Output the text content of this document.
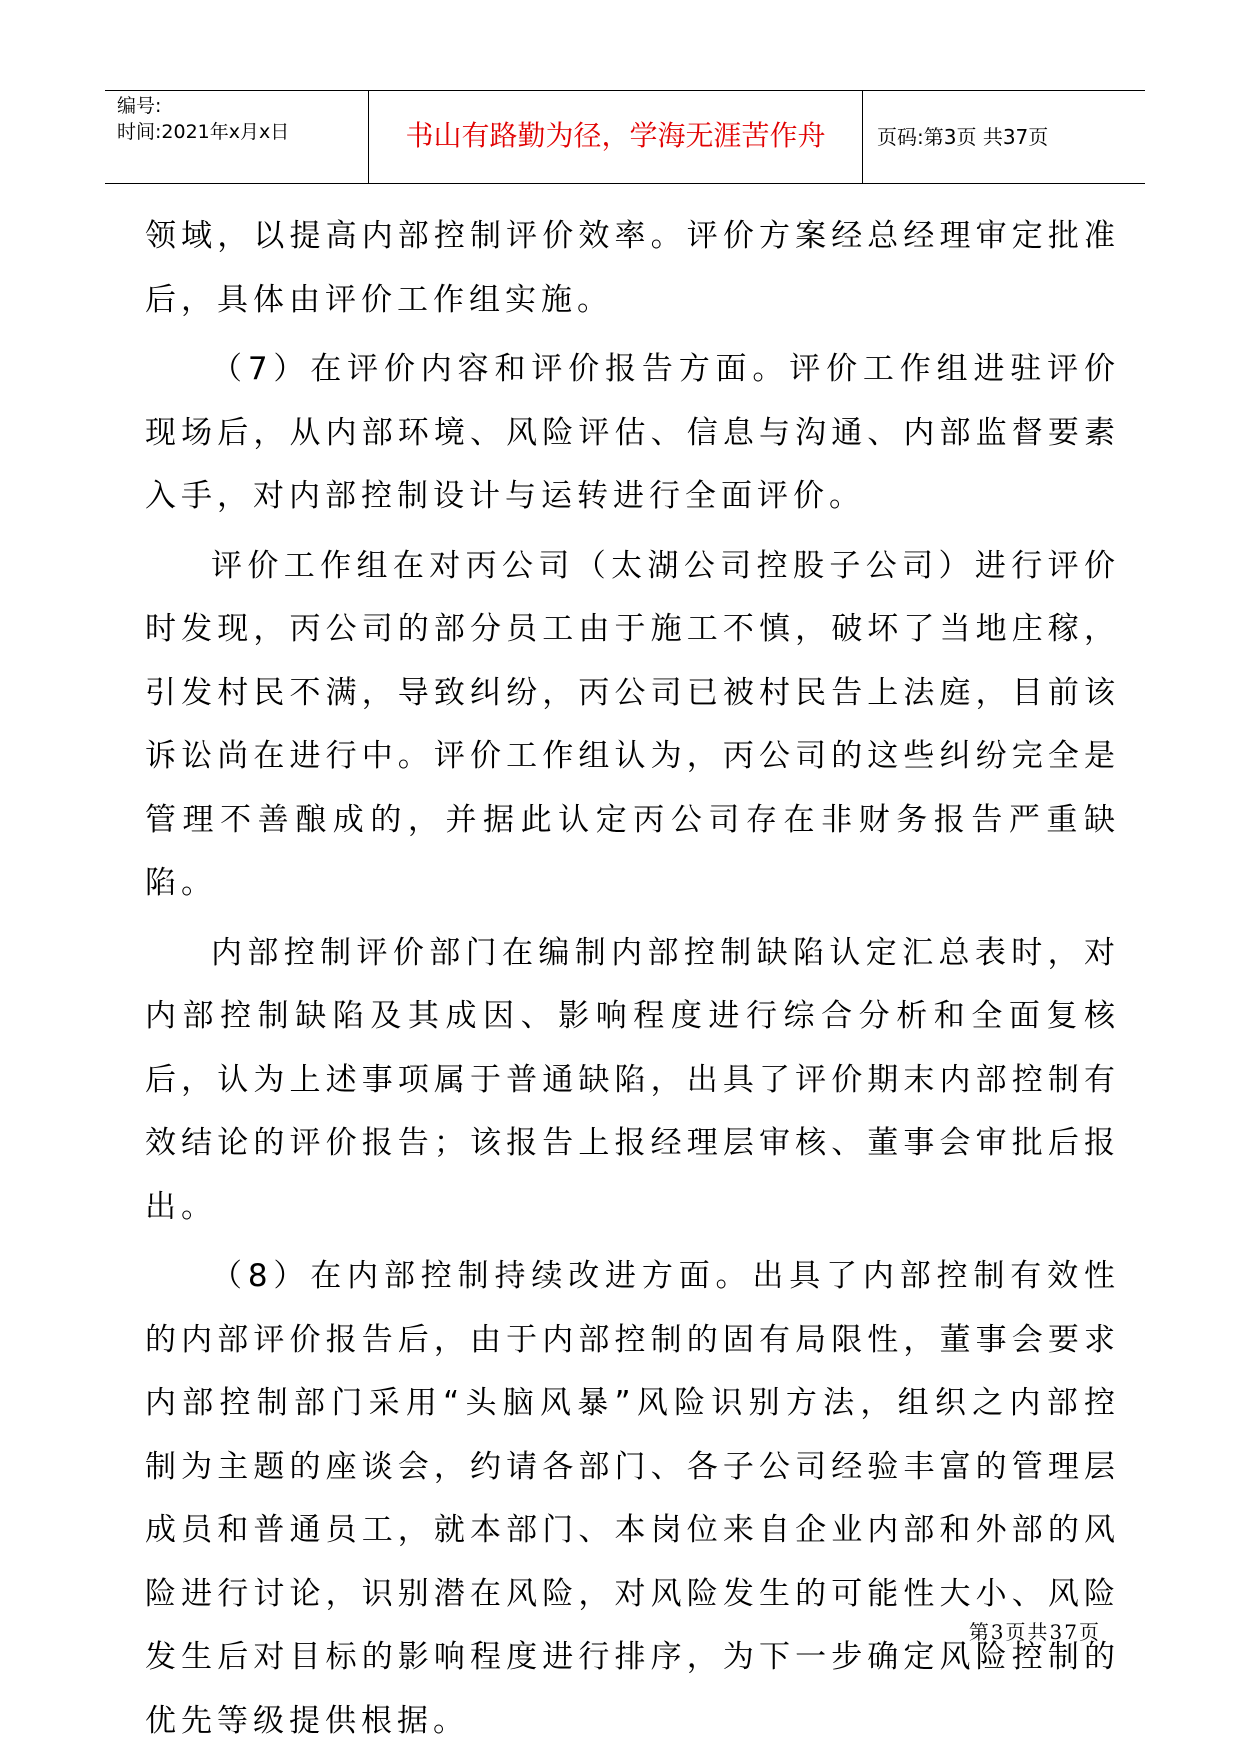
编号:
时间:2021年x月x日	书山有路勤为径，学海无涯苦作舟	页码:第3页 共37页

领域，以提高内部控制评价效率。评价方案经总经理审定批准后，具体由评价工作组实施。

（7）在评价内容和评价报告方面。评价工作组进驻评价现场后，从内部环境、风险评估、信息与沟通、内部监督要素入手，对内部控制设计与运转进行全面评价。

评价工作组在对丙公司（太湖公司控股子公司）进行评价时发现，丙公司的部分员工由于施工不慎，破坏了当地庄稼，引发村民不满，导致纠纷，丙公司已被村民告上法庭，目前该诉讼尚在进行中。评价工作组认为，丙公司的这些纠纷完全是管理不善酿成的，并据此认定丙公司存在非财务报告严重缺陷。

内部控制评价部门在编制内部控制缺陷认定汇总表时，对内部控制缺陷及其成因、影响程度进行综合分析和全面复核后，认为上述事项属于普通缺陷，出具了评价期末内部控制有效结论的评价报告；该报告上报经理层审核、董事会审批后报出。

（8）在内部控制持续改进方面。出具了内部控制有效性的内部评价报告后，由于内部控制的固有局限性，董事会要求内部控制部门采用“头脑风暴”风险识别方法，组织之内部控制为主题的座谈会，约请各部门、各子公司经验丰富的管理层成员和普通员工，就本部门、本岗位来自企业内部和外部的风险进行讨论，识别潜在风险，对风险发生的可能性大小、风险发生后对目标的影响程度进行排序，为下一步确定风险控制的优先等级提供根据。

第3页共37页
